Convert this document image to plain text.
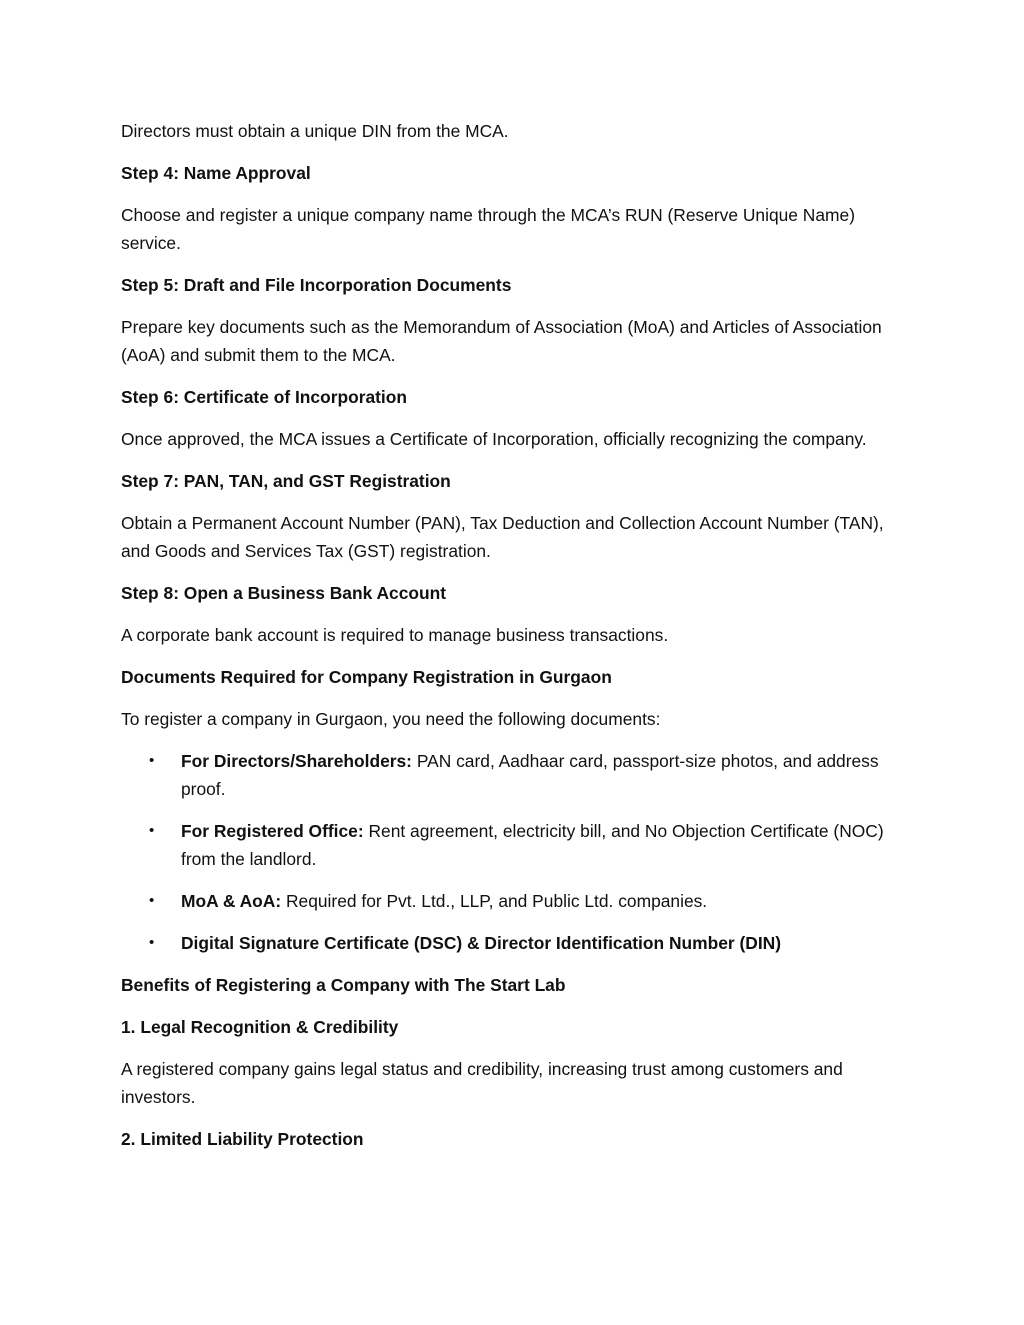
Directors must obtain a unique DIN from the MCA.

Step 4: Name Approval

Choose and register a unique company name through the MCA’s RUN (Reserve Unique Name) service.

Step 5: Draft and File Incorporation Documents

Prepare key documents such as the Memorandum of Association (MoA) and Articles of Association (AoA) and submit them to the MCA.

Step 6: Certificate of Incorporation

Once approved, the MCA issues a Certificate of Incorporation, officially recognizing the company.

Step 7: PAN, TAN, and GST Registration

Obtain a Permanent Account Number (PAN), Tax Deduction and Collection Account Number (TAN), and Goods and Services Tax (GST) registration.

Step 8: Open a Business Bank Account

A corporate bank account is required to manage business transactions.

Documents Required for Company Registration in Gurgaon

To register a company in Gurgaon, you need the following documents:

• For Directors/Shareholders: PAN card, Aadhaar card, passport-size photos, and address proof.
• For Registered Office: Rent agreement, electricity bill, and No Objection Certificate (NOC) from the landlord.
• MoA & AoA: Required for Pvt. Ltd., LLP, and Public Ltd. companies.
• Digital Signature Certificate (DSC) & Director Identification Number (DIN)

Benefits of Registering a Company with The Start Lab

1. Legal Recognition & Credibility

A registered company gains legal status and credibility, increasing trust among customers and investors.

2. Limited Liability Protection
